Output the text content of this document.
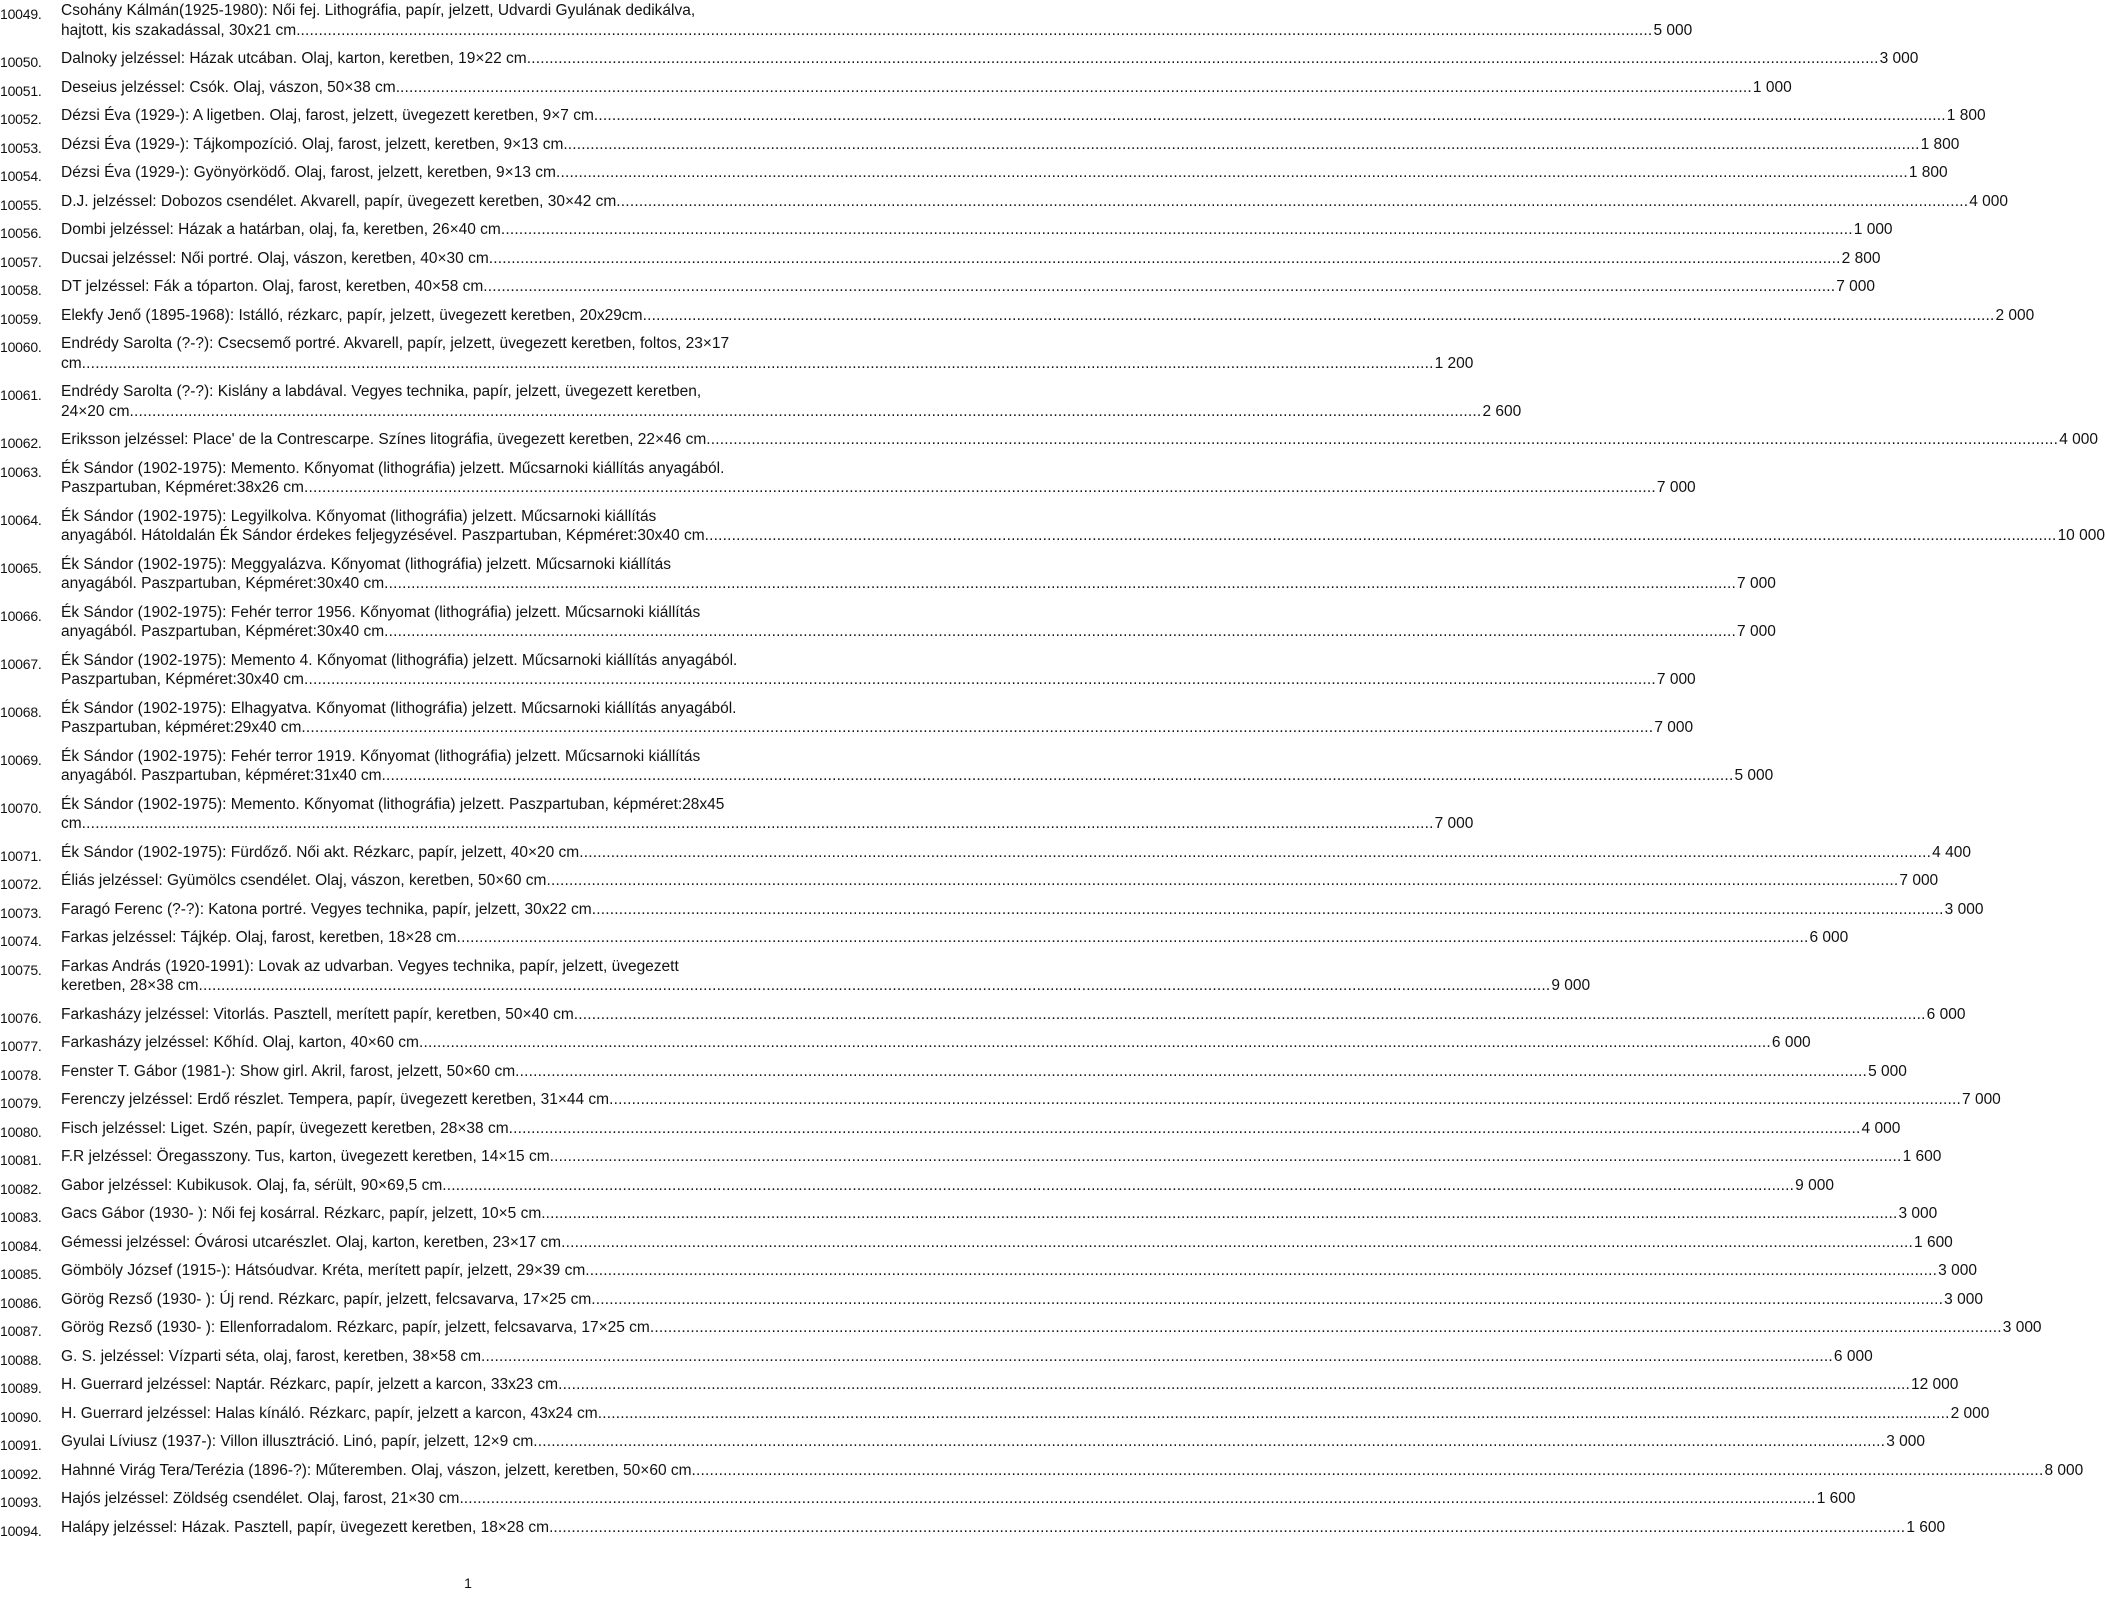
10049. Csohány Kálmán(1925-1980): Női fej. Lithográfia, papír, jelzett, Udvardi Gyulának dedikálva,
hajtott, kis szakadással, 30x21 cm. ............................................................................................................................................................................................................................................................................................................ 5 000
10050. Dalnoky jelzéssel: Házak utcában. Olaj, karton, keretben, 19×22 cm ............................................................................................................................................................................................................................................................................................................ 3 000
10051. Deseius jelzéssel: Csók. Olaj, vászon, 50×38 cm. ............................................................................................................................................................................................................................................................................................................ 1 000
10052. Dézsi Éva (1929-): A ligetben. Olaj, farost, jelzett, üvegezett keretben, 9×7 cm ............................................................................................................................................................................................................................................................................................................ 1 800
10053. Dézsi Éva (1929-): Tájkompozíció. Olaj, farost, jelzett, keretben, 9×13 cm. ............................................................................................................................................................................................................................................................................................................ 1 800
10054. Dézsi Éva (1929-): Gyönyörködő. Olaj, farost, jelzett, keretben, 9×13 cm ............................................................................................................................................................................................................................................................................................................ 1 800
10055. D.J. jelzéssel: Dobozos csendélet. Akvarell, papír, üvegezett keretben, 30×42 cm ............................................................................................................................................................................................................................................................................................................ 4 000
10056. Dombi jelzéssel: Házak a határban, olaj, fa, keretben, 26×40 cm ............................................................................................................................................................................................................................................................................................................ 1 000
10057. Ducsai jelzéssel: Női portré. Olaj, vászon, keretben, 40×30 cm ............................................................................................................................................................................................................................................................................................................ 2 800
10058. DT jelzéssel: Fák a tóparton. Olaj, farost, keretben, 40×58 cm ............................................................................................................................................................................................................................................................................................................ 7 000
10059. Elekfy Jenő (1895-1968): Istálló, rézkarc, papír, jelzett, üvegezett keretben, 20x29cm ............................................................................................................................................................................................................................................................................................................ 2 000
10060. Endrédy Sarolta (?-?): Csecsemő portré. Akvarell, papír, jelzett, üvegezett keretben, foltos, 23×17
cm ............................................................................................................................................................................................................................................................................................................ 1 200
10061. Endrédy Sarolta (?-?): Kislány a labdával. Vegyes technika, papír, jelzett, üvegezett keretben,
24×20 cm ............................................................................................................................................................................................................................................................................................................ 2 600
10062. Eriksson jelzéssel: Place' de la Contrescarpe. Színes litográfia, üvegezett keretben, 22×46 cm ............................................................................................................................................................................................................................................................................................................ 4 000
10063. Ék Sándor (1902-1975): Memento. Kőnyomat (lithográfia) jelzett. Műcsarnoki kiállítás anyagából.
Paszpartuban, Képméret:38x26 cm ............................................................................................................................................................................................................................................................................................................ 7 000
10064. Ék Sándor (1902-1975): Legyilkolva. Kőnyomat (lithográfia) jelzett. Műcsarnoki kiállítás
anyagából. Hátoldalán Ék Sándor érdekes feljegyzésével. Paszpartuban, Képméret:30x40 cm ............................................................................................................................................................................................................................................................................................................ 10 000
10065. Ék Sándor (1902-1975): Meggyalázva. Kőnyomat (lithográfia) jelzett. Műcsarnoki kiállítás
anyagából. Paszpartuban, Képméret:30x40 cm ............................................................................................................................................................................................................................................................................................................ 7 000
10066. Ék Sándor (1902-1975): Fehér terror 1956. Kőnyomat (lithográfia) jelzett. Műcsarnoki kiállítás
anyagából. Paszpartuban, Képméret:30x40 cm ............................................................................................................................................................................................................................................................................................................ 7 000
10067. Ék Sándor (1902-1975): Memento 4. Kőnyomat (lithográfia) jelzett. Műcsarnoki kiállítás anyagából.
Paszpartuban, Képméret:30x40 cm ............................................................................................................................................................................................................................................................................................................ 7 000
10068. Ék Sándor (1902-1975): Elhagyatva. Kőnyomat (lithográfia) jelzett. Műcsarnoki kiállítás anyagából.
Paszpartuban, képméret:29x40 cm ............................................................................................................................................................................................................................................................................................................ 7 000
10069. Ék Sándor (1902-1975): Fehér terror 1919. Kőnyomat (lithográfia) jelzett. Műcsarnoki kiállítás
anyagából. Paszpartuban, képméret:31x40 cm ............................................................................................................................................................................................................................................................................................................ 5 000
10070. Ék Sándor (1902-1975): Memento. Kőnyomat (lithográfia) jelzett. Paszpartuban, képméret:28x45
cm ............................................................................................................................................................................................................................................................................................................ 7 000
10071. Ék Sándor (1902-1975): Fürdőző. Női akt. Rézkarc, papír, jelzett, 40×20 cm ............................................................................................................................................................................................................................................................................................................ 4 400
10072. Éliás jelzéssel: Gyümölcs csendélet. Olaj, vászon, keretben, 50×60 cm ............................................................................................................................................................................................................................................................................................................ 7 000
10073. Faragó Ferenc (?-?): Katona portré. Vegyes technika, papír, jelzett, 30x22 cm ............................................................................................................................................................................................................................................................................................................ 3 000
10074. Farkas jelzéssel: Tájkép. Olaj, farost, keretben, 18×28 cm ............................................................................................................................................................................................................................................................................................................ 6 000
10075. Farkas András (1920-1991): Lovak az udvarban. Vegyes technika, papír, jelzett, üvegezett
keretben, 28×38 cm ............................................................................................................................................................................................................................................................................................................ 9 000
10076. Farkasházy jelzéssel: Vitorlás. Pasztell, merített papír, keretben, 50×40 cm ............................................................................................................................................................................................................................................................................................................ 6 000
10077. Farkasházy jelzéssel: Kőhíd. Olaj, karton, 40×60 cm ............................................................................................................................................................................................................................................................................................................ 6 000
10078. Fenster T. Gábor (1981-): Show girl. Akril, farost, jelzett, 50×60 cm ............................................................................................................................................................................................................................................................................................................ 5 000
10079. Ferenczy jelzéssel: Erdő részlet. Tempera, papír, üvegezett keretben, 31×44 cm ............................................................................................................................................................................................................................................................................................................ 7 000
10080. Fisch jelzéssel: Liget. Szén, papír, üvegezett keretben, 28×38 cm ............................................................................................................................................................................................................................................................................................................ 4 000
10081. F.R jelzéssel: Öregasszony. Tus, karton, üvegezett keretben, 14×15 cm ............................................................................................................................................................................................................................................................................................................ 1 600
10082. Gabor jelzéssel: Kubikusok. Olaj, fa, sérült, 90×69,5 cm ............................................................................................................................................................................................................................................................................................................ 9 000
10083. Gacs Gábor (1930- ): Női fej kosárral. Rézkarc, papír, jelzett, 10×5 cm. ............................................................................................................................................................................................................................................................................................................ 3 000
10084. Gémessi jelzéssel: Óvárosi utcarészlet. Olaj, karton, keretben, 23×17 cm ............................................................................................................................................................................................................................................................................................................ 1 600
10085. Gömböly József (1915-): Hátsóudvar. Kréta, merített papír, jelzett, 29×39 cm ............................................................................................................................................................................................................................................................................................................ 3 000
10086. Görög Rezső (1930- ): Új rend. Rézkarc, papír, jelzett, felcsavarva, 17×25 cm ............................................................................................................................................................................................................................................................................................................ 3 000
10087. Görög Rezső (1930- ): Ellenforradalom. Rézkarc, papír, jelzett, felcsavarva, 17×25 cm ............................................................................................................................................................................................................................................................................................................ 3 000
10088. G. S. jelzéssel: Vízparti séta, olaj, farost, keretben, 38×58 cm ............................................................................................................................................................................................................................................................................................................ 6 000
10089. H. Guerrard jelzéssel: Naptár. Rézkarc, papír, jelzett a karcon, 33x23 cm ............................................................................................................................................................................................................................................................................................................ 12 000
10090. H. Guerrard jelzéssel: Halas kínáló. Rézkarc, papír, jelzett a karcon, 43x24 cm ............................................................................................................................................................................................................................................................................................................ 2 000
10091. Gyulai Líviusz (1937-): Villon illusztráció. Linó, papír, jelzett, 12×9 cm ............................................................................................................................................................................................................................................................................................................ 3 000
10092. Hahnné Virág Tera/Terézia (1896-?): Műteremben. Olaj, vászon, jelzett, keretben, 50×60 cm ............................................................................................................................................................................................................................................................................................................ 8 000
10093. Hajós jelzéssel: Zöldség csendélet. Olaj, farost, 21×30 cm. ............................................................................................................................................................................................................................................................................................................ 1 600
10094. Halápy jelzéssel: Házak. Pasztell, papír, üvegezett keretben, 18×28 cm. ............................................................................................................................................................................................................................................................................................................ 1 600
1
